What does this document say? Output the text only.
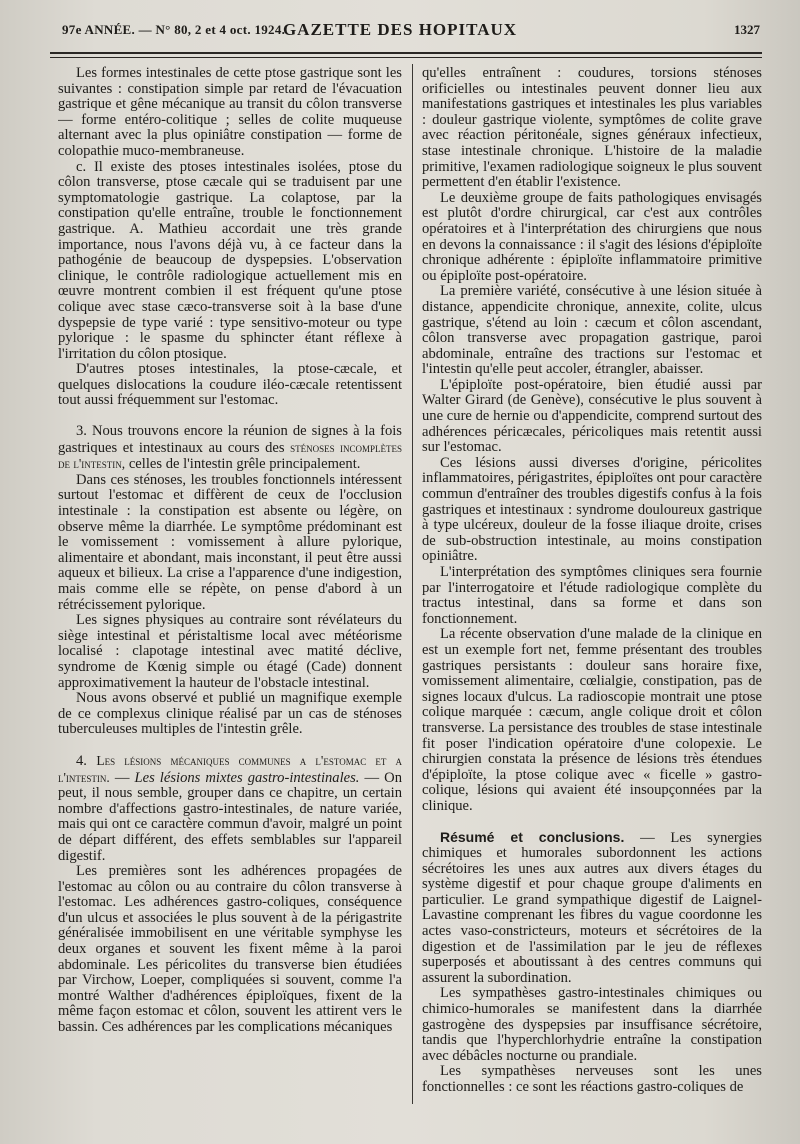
97e ANNÉE. — N° 80, 2 et 4 oct. 1924.
GAZETTE DES HOPITAUX	1327

Les formes intestinales de cette ptose gastrique sont les suivantes : constipation simple par retard de l'évacuation gastrique et gêne mécanique au transit du côlon transverse — forme entéro-colitique ; selles de colite muqueuse alternant avec la plus opiniâtre constipation — forme de colopathie muco-membraneuse.

c. Il existe des ptoses intestinales isolées, ptose du côlon transverse, ptose cæcale qui se traduisent par une symptomatologie gastrique. La colaptose, par la constipation qu'elle entraîne, trouble le fonctionnement gastrique. A. Mathieu accordait une très grande importance, nous l'avons déjà vu, à ce facteur dans la pathogénie de beaucoup de dyspepsies. L'observation clinique, le contrôle radiologique actuellement mis en œuvre montrent combien il est fréquent qu'une ptose colique avec stase cæco-transverse soit à la base d'une dyspepsie de type varié : type sensitivo-moteur ou type pylorique : le spasme du sphincter étant réflexe à l'irritation du côlon ptosique.

D'autres ptoses intestinales, la ptose-cæcale, et quelques dislocations la coudure iléo-cæcale retentissent tout aussi fréquemment sur l'estomac.

3. Nous trouvons encore la réunion de signes à la fois gastriques et intestinaux au cours des sténoses incomplètes de l'intestin, celles de l'intestin grêle principalement.

Dans ces sténoses, les troubles fonctionnels intéressent surtout l'estomac et diffèrent de ceux de l'occlusion intestinale : la constipation est absente ou légère, on observe même la diarrhée. Le symptôme prédominant est le vomissement : vomissement à allure pylorique, alimentaire et abondant, mais inconstant, il peut être aussi aqueux et bilieux. La crise a l'apparence d'une indigestion, mais comme elle se répète, on pense d'abord à un rétrécissement pylorique.

Les signes physiques au contraire sont révélateurs du siège intestinal et péristaltisme local avec météorisme localisé : clapotage intestinal avec matité déclive, syndrome de Kœnig simple ou étagé (Cade) donnent approximativement la hauteur de l'obstacle intestinal.

Nous avons observé et publié un magnifique exemple de ce complexus clinique réalisé par un cas de sténoses tuberculeuses multiples de l'intestin grêle.

4. Les lésions mécaniques communes a l'estomac et a l'intestin. — Les lésions mixtes gastro-intestinales. — On peut, il nous semble, grouper dans ce chapitre, un certain nombre d'affections gastro-intestinales, de nature variée, mais qui ont ce caractère commun d'avoir, malgré un point de départ différent, des effets semblables sur l'appareil digestif.

Les premières sont les adhérences propagées de l'estomac au côlon ou au contraire du côlon transverse à l'estomac. Les adhérences gastro-coliques, conséquence d'un ulcus et associées le plus souvent à de la périgastrite généralisée immobilisent en une véritable symphyse les deux organes et souvent les fixent même à la paroi abdominale. Les péricolites du transverse bien étudiées par Virchow, Loeper, compliquées si souvent, comme l'a montré Walther d'adhérences épiploïques, fixent de la même façon estomac et côlon, souvent les attirent vers le bassin. Ces adhérences par les complications mécaniques

qu'elles entraînent : coudures, torsions sténoses orificielles ou intestinales peuvent donner lieu aux manifestations gastriques et intestinales les plus variables : douleur gastrique violente, symptômes de colite grave avec réaction péritonéale, signes généraux infectieux, stase intestinale chronique. L'histoire de la maladie primitive, l'examen radiologique soigneux le plus souvent permettent d'en établir l'existence.

Le deuxième groupe de faits pathologiques envisagés est plutôt d'ordre chirurgical, car c'est aux contrôles opératoires et à l'interprétation des chirurgiens que nous en devons la connaissance : il s'agit des lésions d'épiploïte chronique adhérente : épiploïte inflammatoire primitive ou épiploïte post-opératoire.

La première variété, consécutive à une lésion située à distance, appendicite chronique, annexite, colite, ulcus gastrique, s'étend au loin : cæcum et côlon ascendant, côlon transverse avec propagation gastrique, paroi abdominale, entraîne des tractions sur l'estomac et l'intestin qu'elle peut accoler, étrangler, abaisser.

L'épiploïte post-opératoire, bien étudié aussi par Walter Girard (de Genève), consécutive le plus souvent à une cure de hernie ou d'appendicite, comprend surtout des adhérences péricæcales, péricoliques mais retentit aussi sur l'estomac.

Ces lésions aussi diverses d'origine, péricolites inflammatoires, périgastrites, épiploïtes ont pour caractère commun d'entraîner des troubles digestifs confus à la fois gastriques et intestinaux : syndrome douloureux gastrique à type ulcéreux, douleur de la fosse iliaque droite, crises de sub-obstruction intestinale, au moins constipation opiniâtre.

L'interprétation des symptômes cliniques sera fournie par l'interrogatoire et l'étude radiologique complète du tractus intestinal, dans sa forme et dans son fonctionnement.

La récente observation d'une malade de la clinique en est un exemple fort net, femme présentant des troubles gastriques persistants : douleur sans horaire fixe, vomissement alimentaire, cœlialgie, constipation, pas de signes locaux d'ulcus. La radioscopie montrait une ptose colique marquée : cæcum, angle colique droit et côlon transverse. La persistance des troubles de stase intestinale fit poser l'indication opératoire d'une colopexie. Le chirurgien constata la présence de lésions très étendues d'épiploïte, la ptose colique avec « ficelle » gastro-colique, lésions qui avaient été insoupçonnées par la clinique.

Résumé et conclusions. — Les synergies chimiques et humorales subordonnent les actions sécrétoires les unes aux autres aux divers étages du système digestif et pour chaque groupe d'aliments en particulier. Le grand sympathique digestif de Laignel-Lavastine comprenant les fibres du vague coordonne les actes vaso-constricteurs, moteurs et sécrétoires de la digestion et de l'assimilation par le jeu de réflexes superposés et aboutissant à des centres communs qui assurent la subordination.

Les sympathèses gastro-intestinales chimiques ou chimico-humorales se manifestent dans la diarrhée gastrogène des dyspepsies par insuffisance sécrétoire, tandis que l'hyperchlorhydrie entraîne la constipation avec débâcles nocturne ou prandiale.

Les sympathèses nerveuses sont les unes fonctionnelles : ce sont les réactions gastro-coliques de
